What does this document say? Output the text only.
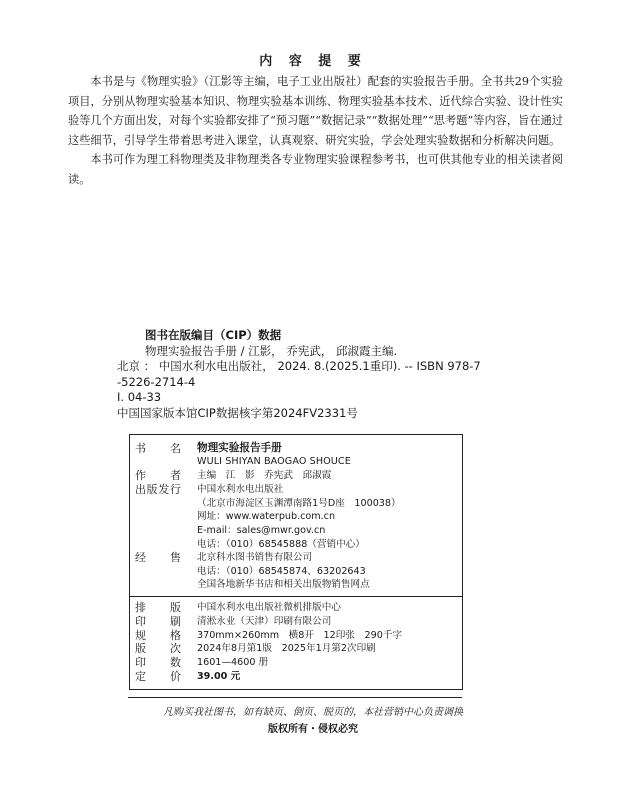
内 容 提 要

本书是与《物理实验》（江影等主编，电子工业出版社）配套的实验报告手册。全书共29个实验项目，分别从物理实验基本知识、物理实验基本训练、物理实验基本技术、近代综合实验、设计性实验等几个方面出发，对每个实验都安排了“预习题”“数据记录”“数据处理”“思考题”等内容，旨在通过这些细节，引导学生带着思考进入课堂，认真观察、研究实验，学会处理实验数据和分析解决问题。

本书可作为理工科物理类及非物理类各专业物理实验课程参考书，也可供其他专业的相关读者阅读。

图书在版编目（CIP）数据
物理实验报告手册 / 江影， 乔宪武， 邱淑霞主编.
北京 ： 中国水利水电出版社， 2024. 8.(2025.1重印). -- ISBN 978-7
-5226-2714-4
Ⅰ. 04-33
中国国家版本馆CIP数据核字第2024FV2331号
书　名
作　者
出版发行
经　售
物理实验报告手册
WULI SHIYAN BAOGAO SHOUCE
主编　江　影　乔宪武　邱淑霞
中国水利水电出版社
（北京市海淀区玉渊潭南路1号D座　100038）
网址：www.waterpub.com.cn
E-mail：sales@mwr.gov.cn
电话：（010）68545888（营销中心）
北京科水图书销售有限公司
电话：（010）68545874、63202643
全国各地新华书店和相关出版物销售网点
排　版
印　刷
规　格
版　次
印　数
定　价
中国水利水电出版社微机排版中心
清淞永业（天津）印刷有限公司
370mm×260mm　横8开　12印张　290千字
2024年8月第1版　2025年1月第2次印刷
1601—4600 册
39.00 元
凡购买我社图书，如有缺页、倒页、脱页的，本社营销中心负责调换
版权所有・侵权必究
